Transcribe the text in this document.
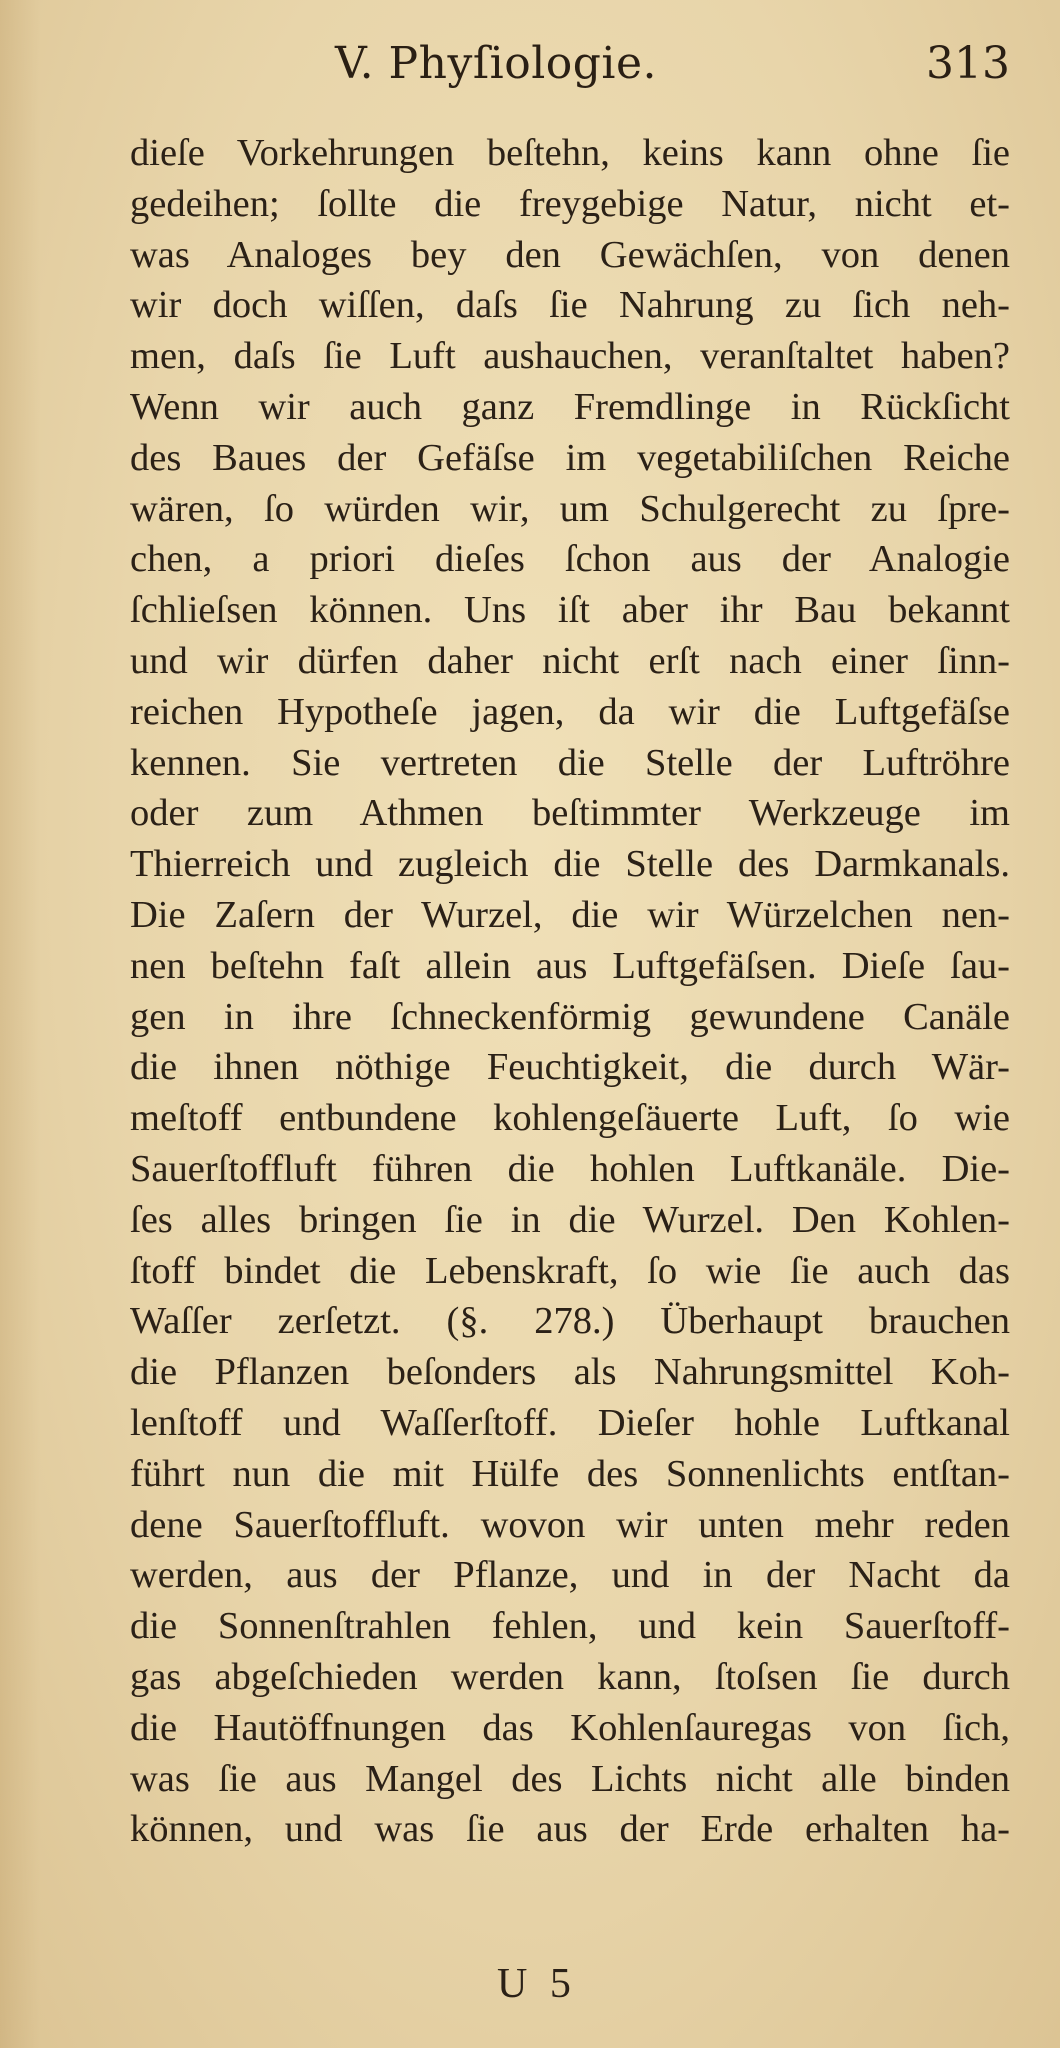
V. Phyſiologie.	313
dieſe Vorkehrungen beſtehn, keins kann ohne ſie
gedeihen; ſollte die freygebige Natur, nicht et-
was Analoges bey den Gewächſen, von denen
wir doch wiſſen, daſs ſie Nahrung zu ſich neh-
men, daſs ſie Luft aushauchen, veranſtaltet haben?
Wenn wir auch ganz Fremdlinge in Rückſicht
des Baues der Gefäſse im vegetabiliſchen Reiche
wären, ſo würden wir, um Schulgerecht zu ſpre-
chen, a priori dieſes ſchon aus der Analogie
ſchlieſsen können. Uns iſt aber ihr Bau bekannt
und wir dürfen daher nicht erſt nach einer ſinn-
reichen Hypotheſe jagen, da wir die Luftgefäſse
kennen. Sie vertreten die Stelle der Luftröhre
oder zum Athmen beſtimmter Werkzeuge im
Thierreich und zugleich die Stelle des Darmkanals.
Die Zaſern der Wurzel, die wir Würzelchen nen-
nen beſtehn faſt allein aus Luftgefäſsen. Dieſe ſau-
gen in ihre ſchneckenförmig gewundene Canäle
die ihnen nöthige Feuchtigkeit, die durch Wär-
meſtoff entbundene kohlengeſäuerte Luft, ſo wie
Sauerſtoffluft führen die hohlen Luftkanäle. Die-
ſes alles bringen ſie in die Wurzel. Den Kohlen-
ſtoff bindet die Lebenskraft, ſo wie ſie auch das
Waſſer zerſetzt. (§. 278.) Überhaupt brauchen
die Pflanzen beſonders als Nahrungsmittel Koh-
lenſtoff und Waſſerſtoff. Dieſer hohle Luftkanal
führt nun die mit Hülfe des Sonnenlichts entſtan-
dene Sauerſtoffluft. wovon wir unten mehr reden
werden, aus der Pflanze, und in der Nacht da
die Sonnenſtrahlen fehlen, und kein Sauerſtoff-
gas abgeſchieden werden kann, ſtoſsen ſie durch
die Hautöffnungen das Kohlenſauregas von ſich,
was ſie aus Mangel des Lichts nicht alle binden
können, und was ſie aus der Erde erhalten ha-
U 5
